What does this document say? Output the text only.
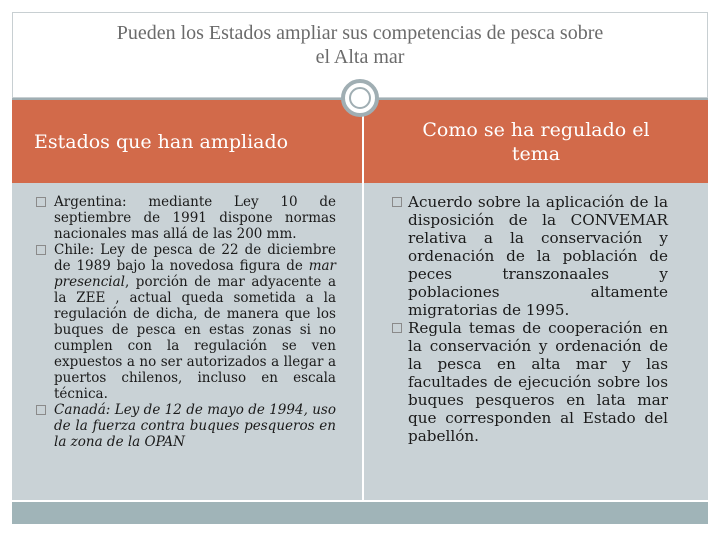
Pueden los Estados ampliar sus competencias de pesca sobre
el Alta mar
Estados que han ampliado
Argentina: mediante Ley 10 de septiembre de 1991 dispone normas nacionales mas allá de las 200 mm.
Chile: Ley de pesca de 22 de diciembre de 1989 bajo la novedosa figura de mar presencial, porción de mar adyacente a la ZEE , actual queda sometida a la regulación de dicha, de manera que los buques de pesca en estas zonas si no cumplen con la regulación se ven expuestos a no ser autorizados a llegar a puertos chilenos, incluso en escala técnica.
Canadá: Ley de 12 de mayo de 1994, uso de la fuerza contra buques pesqueros en la zona de la OPAN
Como se ha regulado el tema
Acuerdo sobre la aplicación de la disposición de la CONVEMAR relativa a la conservación y ordenación de la población de peces transzonaales y poblaciones altamente migratorias de 1995.
Regula temas de cooperación en la conservación y ordenación de la pesca en alta mar y las facultades de ejecución sobre los buques pesqueros en lata mar que corresponden al Estado del pabellón.
